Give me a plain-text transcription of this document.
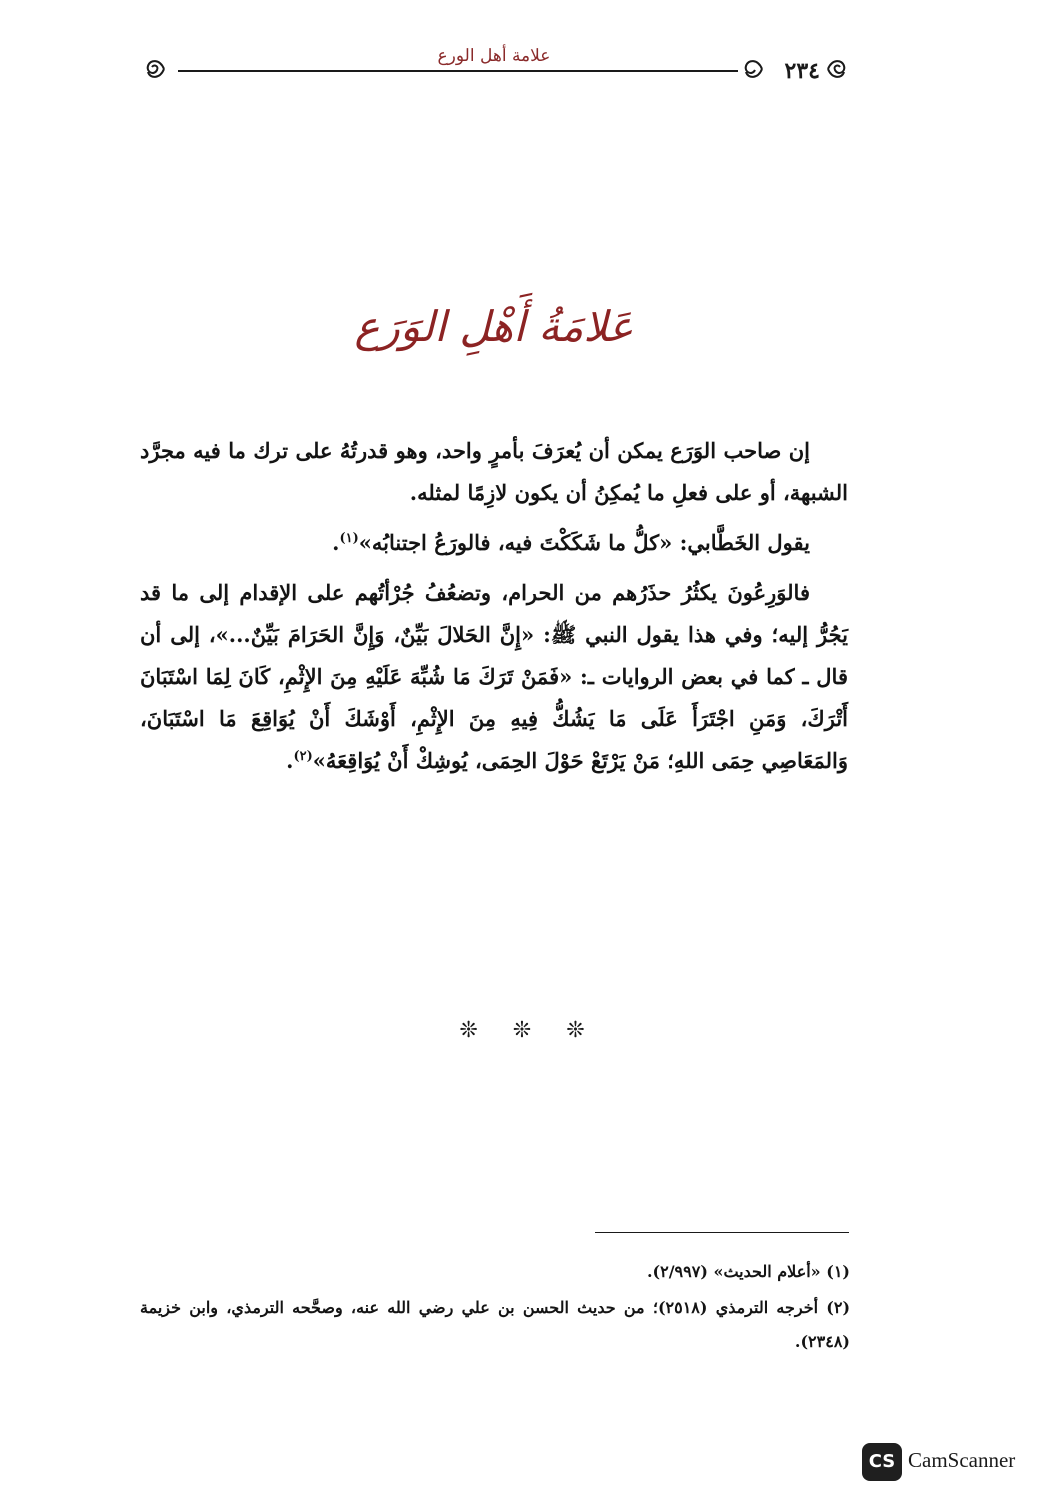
علامة أهل الورع
٢٣٤
عَلامَةُ أَهْلِ الوَرَع

إن صاحب الوَرَع يمكن أن يُعرَفَ بأمرٍ واحد، وهو قدرتُهُ على ترك ما فيه مجرَّد الشبهة، أو على فعلِ ما يُمكِنُ أن يكون لازِمًا لمثله.

يقول الخَطَّابي: «كلُّ ما شَكَكْتَ فيه، فالورَعُ اجتنابُه»$^{(١)}$.

فالوَرِعُونَ يكثُرُ حذَرُهم من الحرام، وتضعُفُ جُرْأتُهم على الإقدام إلى ما قد يَجُرُّ إليه؛ وفي هذا يقول النبي ﷺ: «إِنَّ الحَلالَ بَيِّنٌ، وَإِنَّ الحَرَامَ بَيِّنٌ...»، إلى أن قال ـ كما في بعض الروايات ـ: «فَمَنْ تَرَكَ مَا شُبِّهَ عَلَيْهِ مِنَ الإِثْمِ، كَانَ لِمَا اسْتَبَانَ أَتْرَكَ، وَمَنِ اجْتَرَأَ عَلَى مَا يَشُكُّ فِيهِ مِنَ الإِثْمِ، أَوْشَكَ أَنْ يُوَاقِعَ مَا اسْتَبَانَ، وَالمَعَاصِي حِمَى اللهِ؛ مَنْ يَرْتَعْ حَوْلَ الحِمَى، يُوشِكْ أَنْ يُوَاقِعَهُ»$^{(٢)}$.

❊ ❊ ❊

(١) «أعلام الحديث» (٢/٩٩٧).

(٢) أخرجه الترمذي (٢٥١٨)؛ من حديث الحسن بن علي رضي الله عنه، وصحَّحه الترمذي، وابن خزيمة (٢٣٤٨).

CS CamScanner
